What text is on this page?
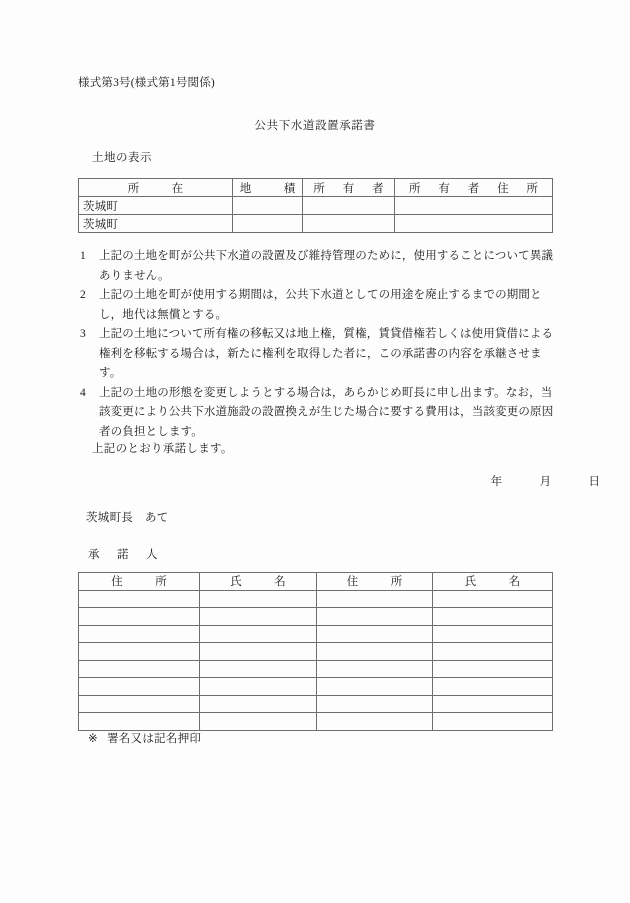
様式第3号(様式第1号関係)
公共下水道設置承諾書
土地の表示
所　　在	地　　積	所　有　者	所　有　者　住　所
茨城町			
茨城町			
1 上記の土地を町が公共下水道の設置及び維持管理のために，使用することについて異議ありません。
2 上記の土地を町が使用する期間は，公共下水道としての用途を廃止するまでの期間とし，地代は無償とする。
3 上記の土地について所有権の移転又は地上権，質権，賃貸借権若しくは使用貸借による権利を移転する場合は，新たに権利を取得した者に，この承諾書の内容を承継させます。
4 上記の土地の形態を変更しようとする場合は，あらかじめ町長に申し出ます。なお，当該変更により公共下水道施設の設置換えが生じた場合に要する費用は，当該変更の原因者の負担とします。
上記のとおり承諾します。
年	月	日
茨城町長　あて
承　諾　人
住　　所	氏　　名	住　　所	氏　　名

※ 署名又は記名押印
